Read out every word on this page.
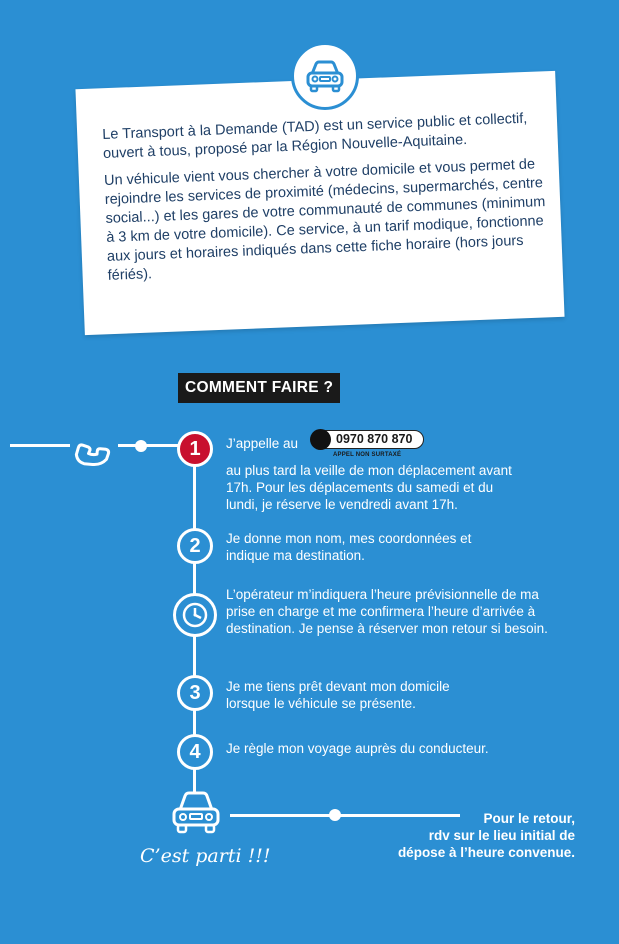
Le Transport à la Demande (TAD) est un service public et collectif, ouvert à tous, proposé par la Région Nouvelle-Aquitaine.

Un véhicule vient vous chercher à votre domicile et vous permet de rejoindre les services de proximité (médecins, supermarchés, centre social...) et les gares de votre communauté de communes (minimum à 3 km de votre domicile). Ce service, à un tarif modique, fonctionne aux jours et horaires indiqués dans cette fiche horaire (hors jours fériés).

COMMENT FAIRE ?
1	J’appelle au	0970 870 870
APPEL NON SURTAXÉ
au plus tard la veille de mon déplacement avant 17h. Pour les déplacements du samedi et du lundi, je réserve le vendredi avant 17h.
2	Je donne mon nom, mes coordonnées et indique ma destination.
L’opérateur m’indiquera l’heure prévisionnelle de ma prise en charge et me confirmera l’heure d’arrivée à destination. Je pense à réserver mon retour si besoin.
3	Je me tiens prêt devant mon domicile lorsque le véhicule se présente.
4	Je règle mon voyage auprès du conducteur.
C’est parti !!!
Pour le retour,
rdv sur le lieu initial de
dépose à l’heure convenue.
